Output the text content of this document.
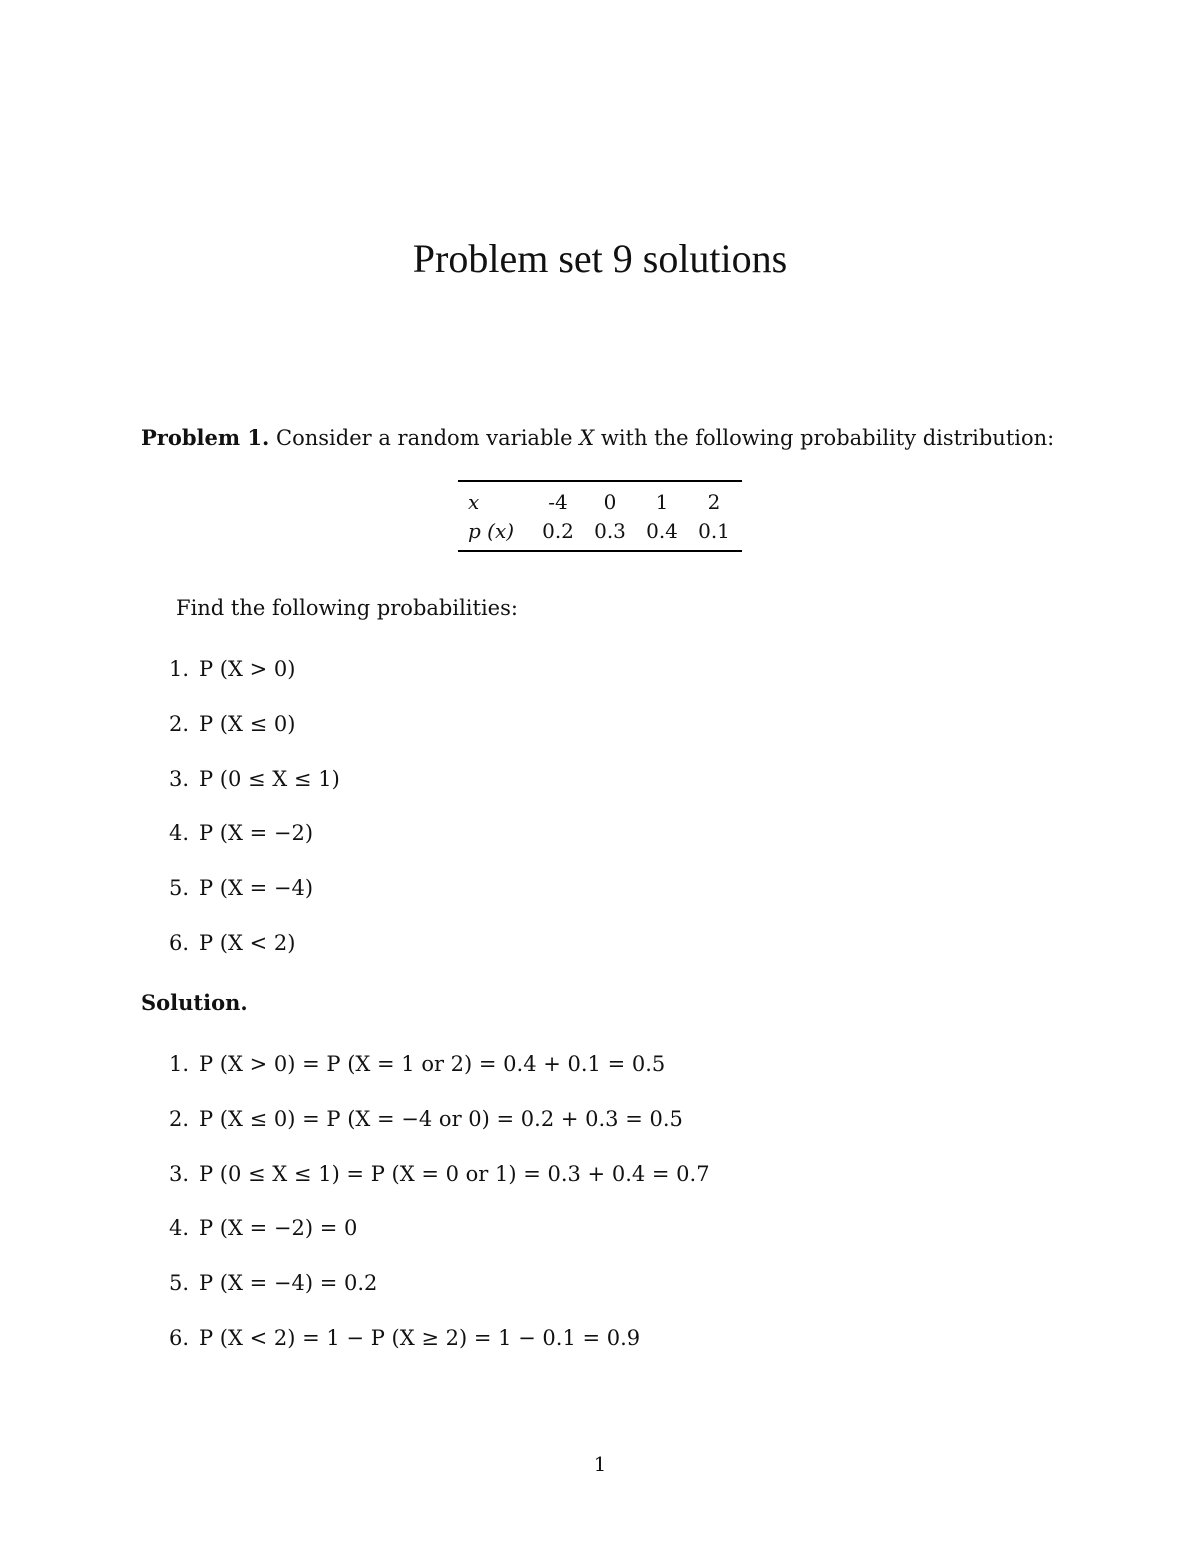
Problem set 9 solutions
Problem 1. Consider a random variable X with the following probability distribution:
x	-4	0	1	2
p (x)	0.2	0.3	0.4	0.1
Find the following probabilities:
1. P (X > 0)
2. P (X ≤ 0)
3. P (0 ≤ X ≤ 1)
4. P (X = −2)
5. P (X = −4)
6. P (X < 2)
Solution.
1. P (X > 0) = P (X = 1 or 2) = 0.4 + 0.1 = 0.5
2. P (X ≤ 0) = P (X = −4 or 0) = 0.2 + 0.3 = 0.5
3. P (0 ≤ X ≤ 1) = P (X = 0 or 1) = 0.3 + 0.4 = 0.7
4. P (X = −2) = 0
5. P (X = −4) = 0.2
6. P (X < 2) = 1 − P (X ≥ 2) = 1 − 0.1 = 0.9
1
